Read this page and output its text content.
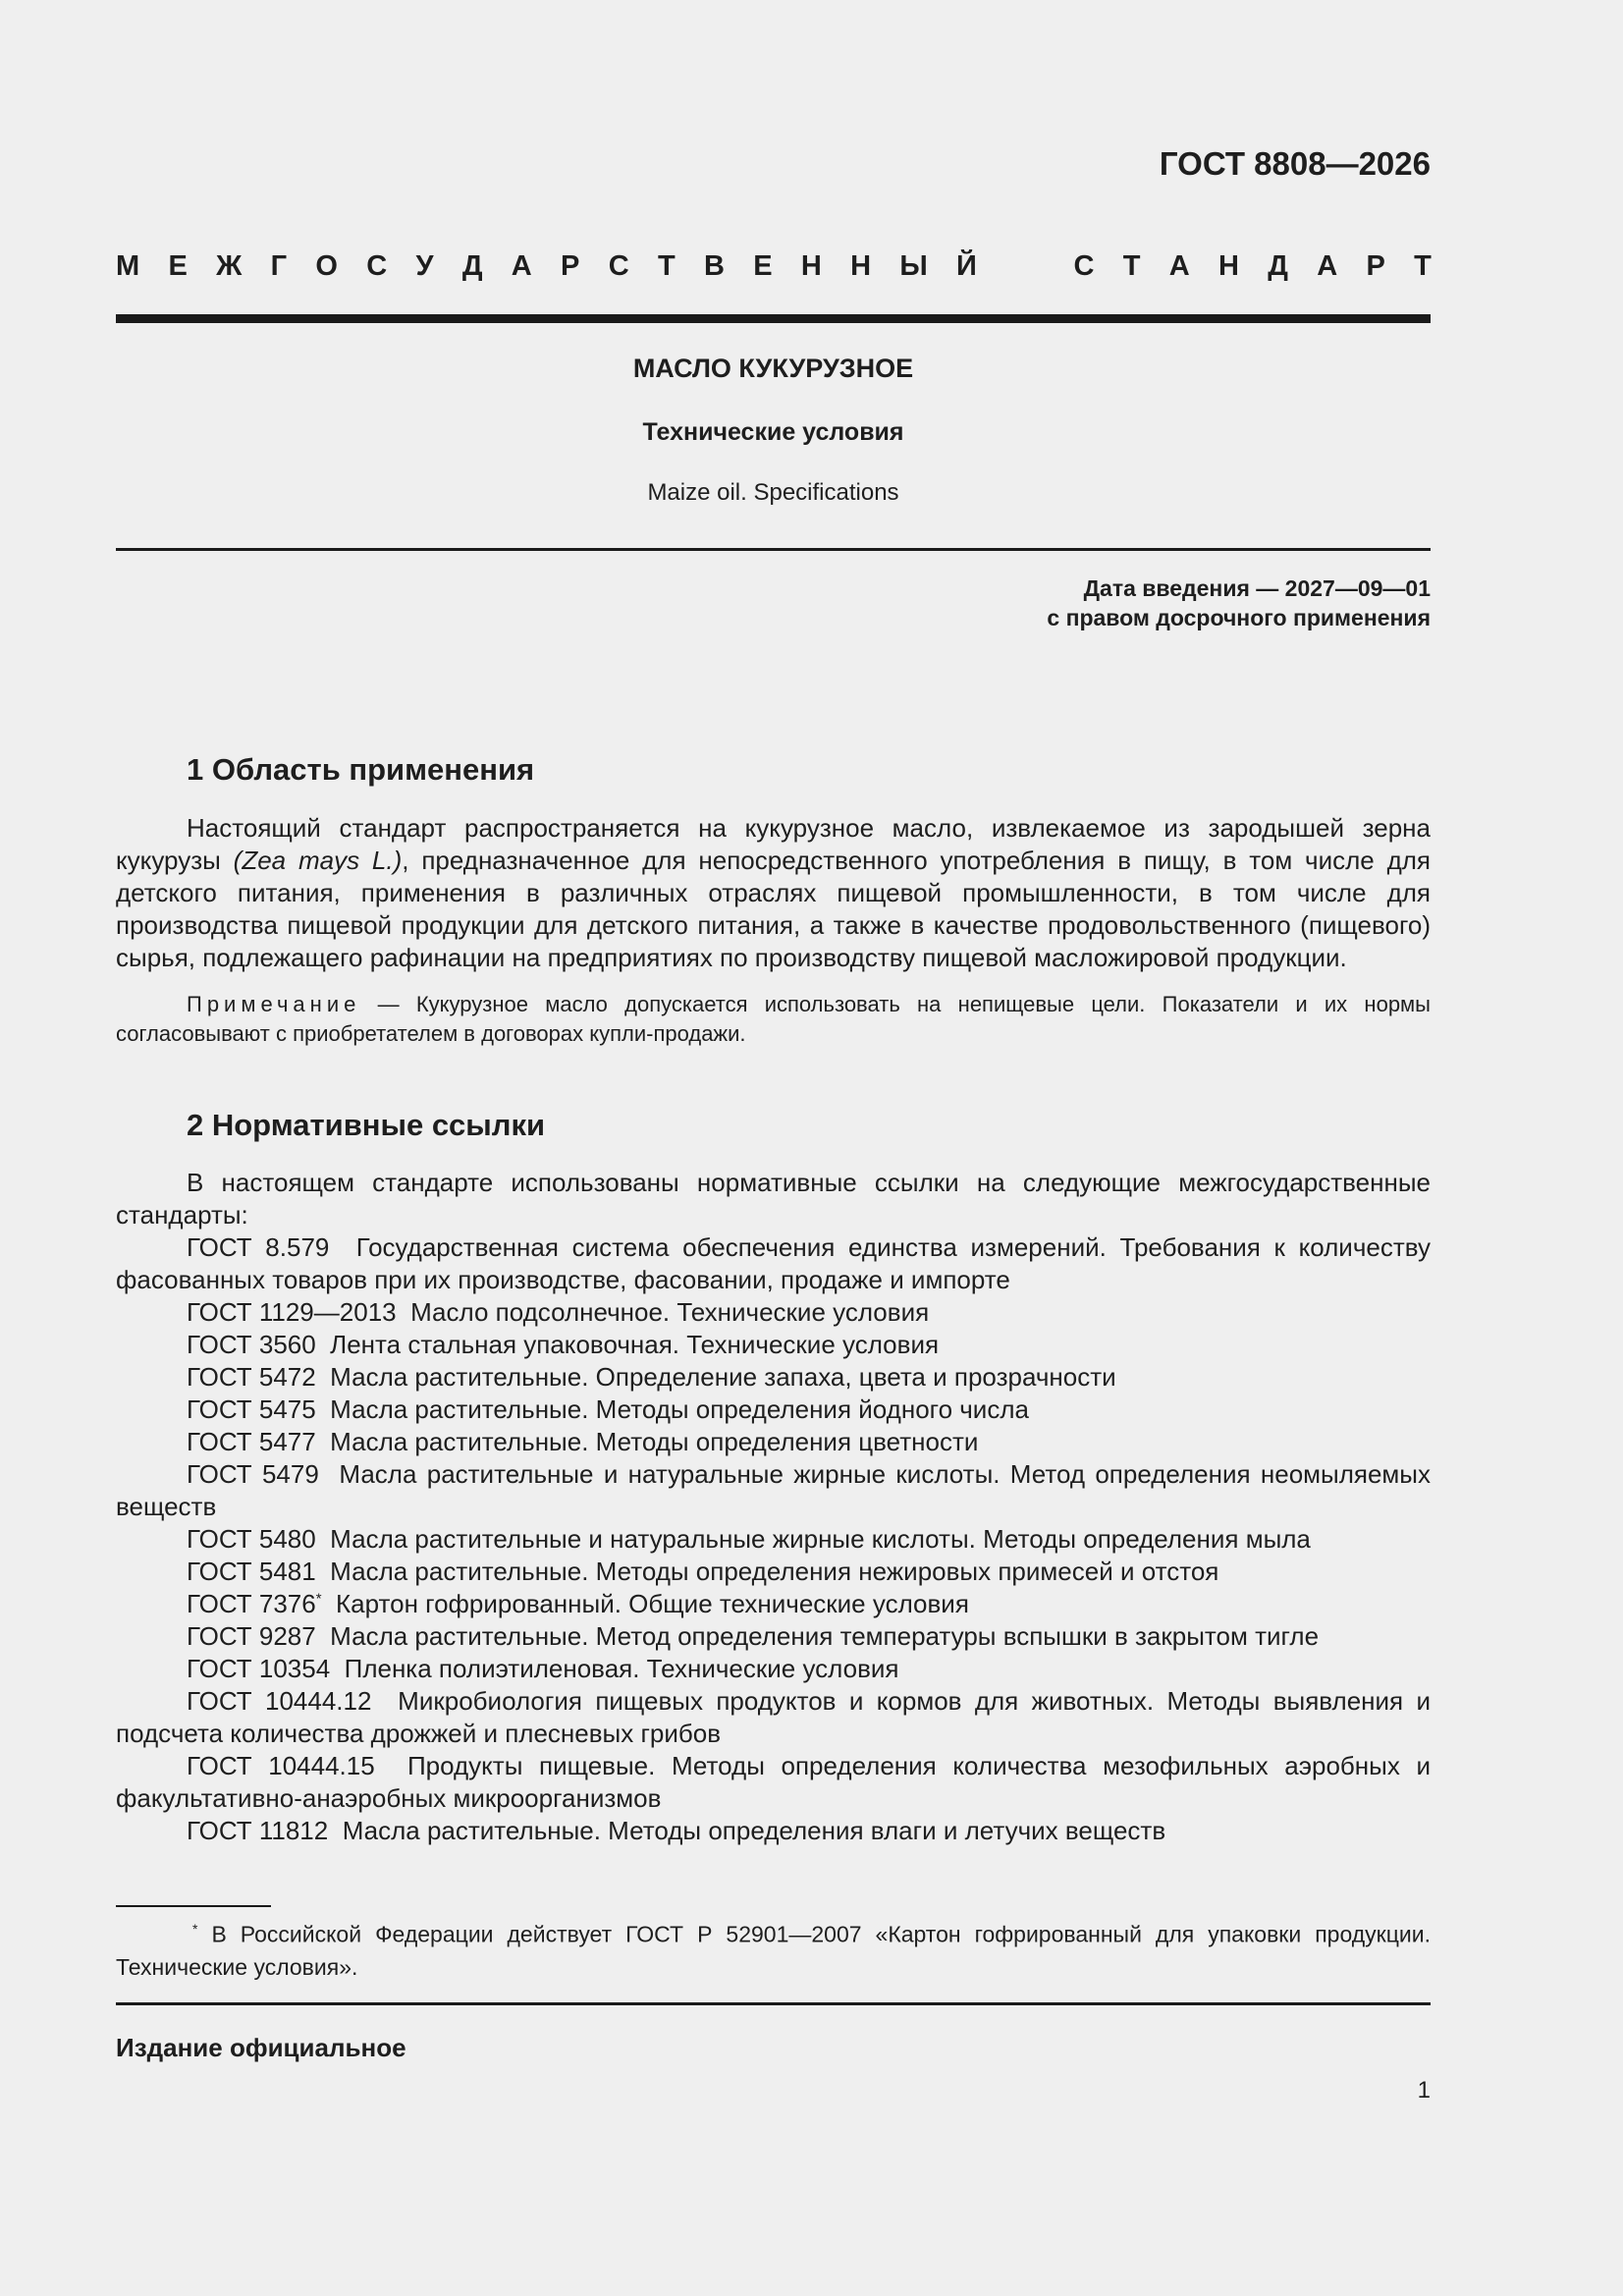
ГОСТ 8808—2026
М Е Ж Г О С У Д А Р С Т В Е Н Н Ы Й	С Т А Н Д А Р Т
МАСЛО КУКУРУЗНОЕ
Технические условия
Maize oil. Specifications
Дата введения — 2027—09—01
с правом досрочного применения
1 Область применения
Настоящий стандарт распространяется на кукурузное масло, извлекаемое из зародышей зерна кукурузы (Zea mays L.), предназначенное для непосредственного употребления в пищу, в том числе для детского питания, применения в различных отраслях пищевой промышленности, в том числе для производства пищевой продукции для детского питания, а также в качестве продовольственного (пищевого) сырья, подлежащего рафинации на предприятиях по производству пищевой масложировой продукции.
Примечание — Кукурузное масло допускается использовать на непищевые цели. Показатели и их нормы согласовывают с приобретателем в договорах купли-продажи.
2 Нормативные ссылки
В настоящем стандарте использованы нормативные ссылки на следующие межгосударственные стандарты:
ГОСТ 8.579 Государственная система обеспечения единства измерений. Требования к количеству фасованных товаров при их производстве, фасовании, продаже и импорте
ГОСТ 1129—2013 Масло подсолнечное. Технические условия
ГОСТ 3560 Лента стальная упаковочная. Технические условия
ГОСТ 5472 Масла растительные. Определение запаха, цвета и прозрачности
ГОСТ 5475 Масла растительные. Методы определения йодного числа
ГОСТ 5477 Масла растительные. Методы определения цветности
ГОСТ 5479 Масла растительные и натуральные жирные кислоты. Метод определения неомыляемых веществ
ГОСТ 5480 Масла растительные и натуральные жирные кислоты. Методы определения мыла
ГОСТ 5481 Масла растительные. Методы определения нежировых примесей и отстоя
ГОСТ 7376* Картон гофрированный. Общие технические условия
ГОСТ 9287 Масла растительные. Метод определения температуры вспышки в закрытом тигле
ГОСТ 10354 Пленка полиэтиленовая. Технические условия
ГОСТ 10444.12 Микробиология пищевых продуктов и кормов для животных. Методы выявления и подсчета количества дрожжей и плесневых грибов
ГОСТ 10444.15 Продукты пищевые. Методы определения количества мезофильных аэробных и факультативно-анаэробных микроорганизмов
ГОСТ 11812 Масла растительные. Методы определения влаги и летучих веществ
* В Российской Федерации действует ГОСТ Р 52901—2007 «Картон гофрированный для упаковки продукции. Технические условия».
Издание официальное
1
